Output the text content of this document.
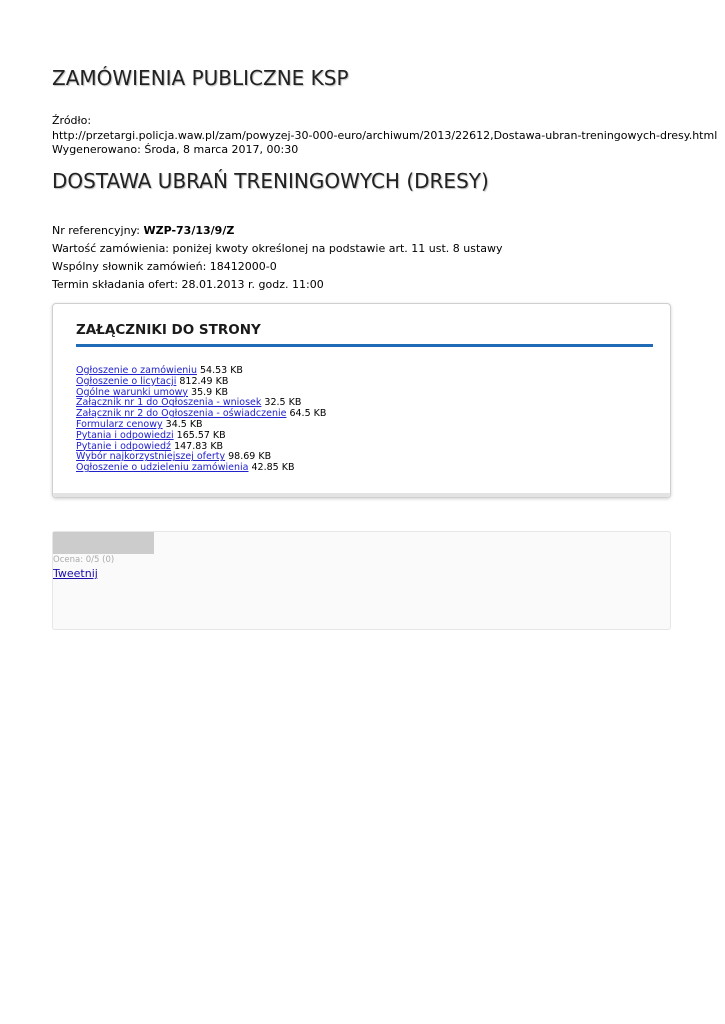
ZAMÓWIENIA PUBLICZNE KSP
Źródło:
http://przetargi.policja.waw.pl/zam/powyzej-30-000-euro/archiwum/2013/22612,Dostawa-ubran-treningowych-dresy.html
Wygenerowano: Środa, 8 marca 2017, 00:30
DOSTAWA UBRAŃ TRENINGOWYCH (DRESY)
Nr referencyjny: WZP-73/13/9/Z
Wartość zamówienia: poniżej kwoty określonej na podstawie art. 11 ust. 8 ustawy
Wspólny słownik zamówień: 18412000-0
Termin składania ofert: 28.01.2013 r. godz. 11:00
ZAŁĄCZNIKI DO STRONY
Ogłoszenie o zamówieniu 54.53 KB
Ogłoszenie o licytacji 812.49 KB
Ogólne warunki umowy 35.9 KB
Załącznik nr 1 do Ogłoszenia - wniosek 32.5 KB
Załącznik nr 2 do Ogłoszenia - oświadczenie 64.5 KB
Formularz cenowy 34.5 KB
Pytania i odpowiedzi 165.57 KB
Pytanie i odpowiedź 147.83 KB
Wybór najkorzystniejszej oferty 98.69 KB
Ogłoszenie o udzieleniu zamówienia 42.85 KB
Ocena: 0/5 (0)
Tweetnij
